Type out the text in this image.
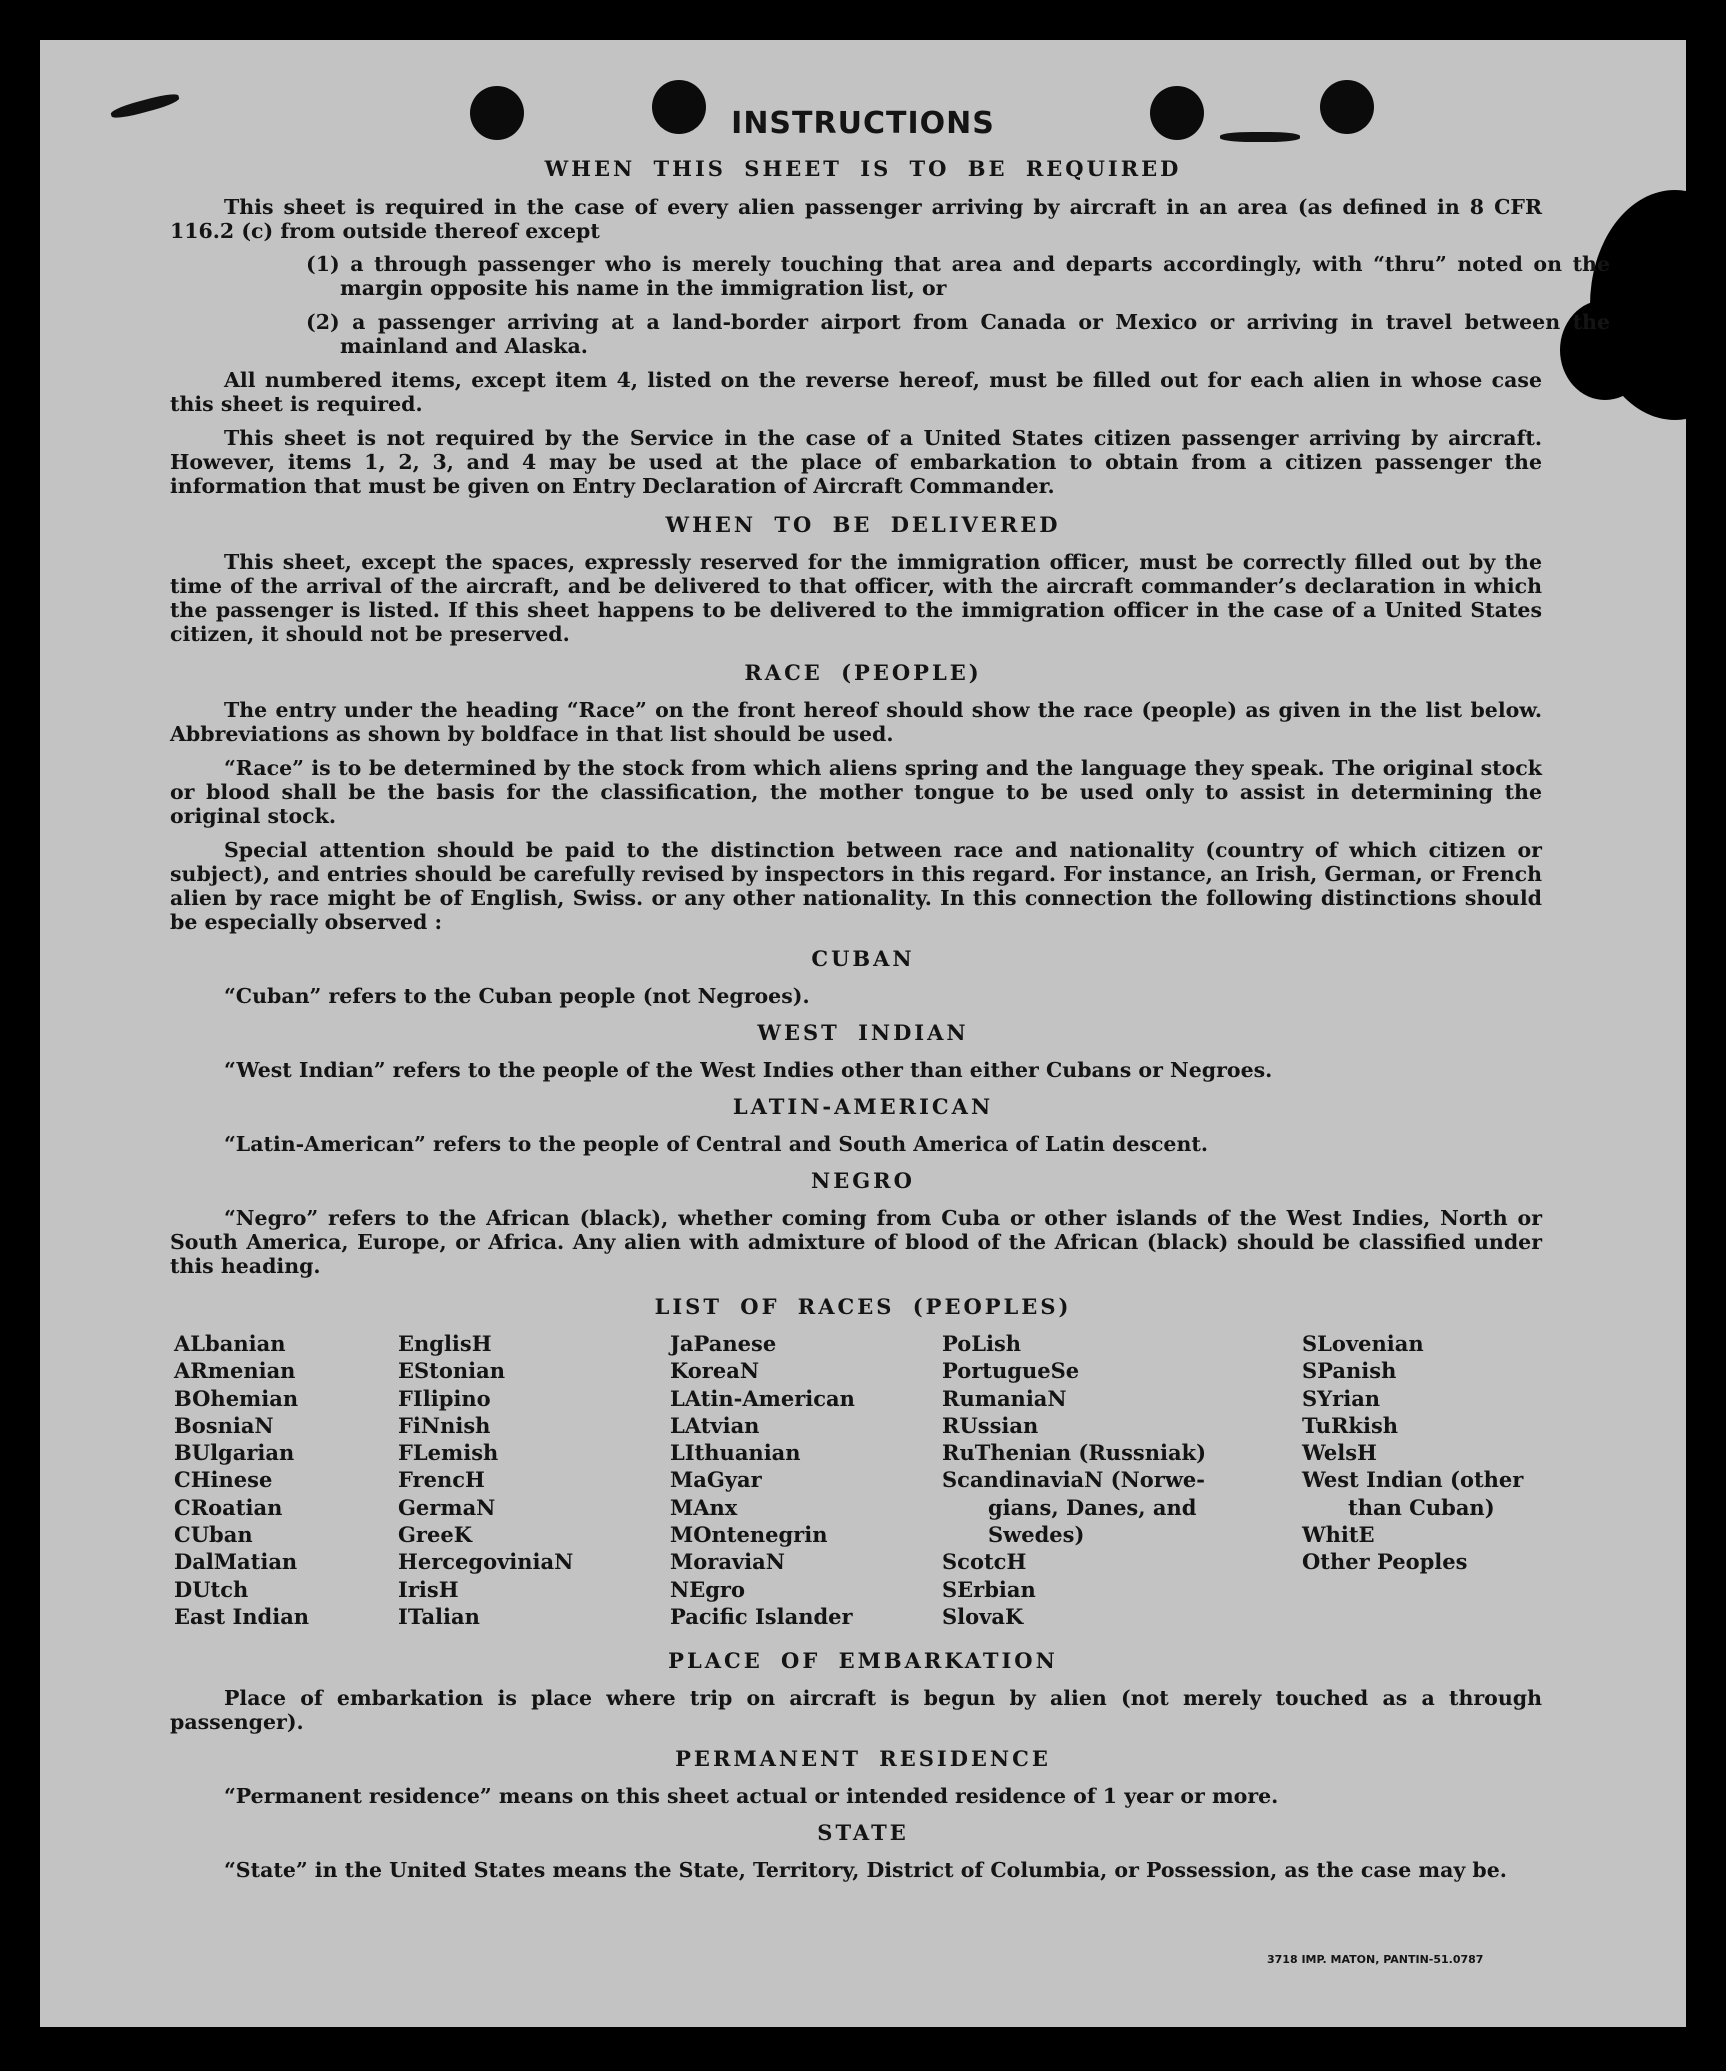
INSTRUCTIONS
WHEN THIS SHEET IS TO BE REQUIRED
This sheet is required in the case of every alien passenger arriving by aircraft in an area (as defined in 8 CFR 116.2 (c) from outside thereof except
(1) a through passenger who is merely touching that area and departs accordingly, with “thru” noted on the margin opposite his name in the immigration list, or
(2) a passenger arriving at a land-border airport from Canada or Mexico or arriving in travel between the mainland and Alaska.
All numbered items, except item 4, listed on the reverse hereof, must be filled out for each alien in whose case this sheet is required.
This sheet is not required by the Service in the case of a United States citizen passenger arriving by aircraft. However, items 1, 2, 3, and 4 may be used at the place of embarkation to obtain from a citizen passenger the information that must be given on Entry Declaration of Aircraft Commander.
WHEN TO BE DELIVERED
This sheet, except the spaces, expressly reserved for the immigration officer, must be correctly filled out by the time of the arrival of the aircraft, and be delivered to that officer, with the aircraft commander’s declaration in which the passenger is listed. If this sheet happens to be delivered to the immigration officer in the case of a United States citizen, it should not be preserved.
RACE (PEOPLE)
The entry under the heading “Race” on the front hereof should show the race (people) as given in the list below. Abbreviations as shown by boldface in that list should be used.
“Race” is to be determined by the stock from which aliens spring and the language they speak. The original stock or blood shall be the basis for the classification, the mother tongue to be used only to assist in determining the original stock.
Special attention should be paid to the distinction between race and nationality (country of which citizen or subject), and entries should be carefully revised by inspectors in this regard. For instance, an Irish, German, or French alien by race might be of English, Swiss. or any other nationality. In this connection the following distinctions should be especially observed :
CUBAN
“Cuban” refers to the Cuban people (not Negroes).
WEST INDIAN
“West Indian” refers to the people of the West Indies other than either Cubans or Negroes.
LATIN-AMERICAN
“Latin-American” refers to the people of Central and South America of Latin descent.
NEGRO
“Negro” refers to the African (black), whether coming from Cuba or other islands of the West Indies, North or South America, Europe, or Africa. Any alien with admixture of blood of the African (black) should be classified under this heading.
LIST OF RACES (PEOPLES)
ALbanian
ARmenian
BOhemian
BosniaN
BUlgarian
CHinese
CRoatian
CUban
DalMatian
DUtch
East Indian
EnglisH
EStonian
FIlipino
FiNnish
FLemish
FrencH
GermaN
GreeK
HercegoviniaN
IrisH
ITalian
JaPanese
KoreaN
LAtin-American
LAtvian
LIthuanian
MaGyar
MAnx
MOntenegrin
MoraviaN
NEgro
Pacific Islander
PoLish
PortugueSe
RumaniaN
RUssian
RuThenian (Russniak)
ScandinaviaN (Norwe-
gians, Danes, and
Swedes)
ScotcH
SErbian
SlovaK
SLovenian
SPanish
SYrian
TuRkish
WelsH
West Indian (other
than Cuban)
WhitE
Other Peoples
PLACE OF EMBARKATION
Place of embarkation is place where trip on aircraft is begun by alien (not merely touched as a through passenger).
PERMANENT RESIDENCE
“Permanent residence” means on this sheet actual or intended residence of 1 year or more.
STATE
“State” in the United States means the State, Territory, District of Columbia, or Possession, as the case may be.
3718 IMP. MATON, PANTIN-51.0787
